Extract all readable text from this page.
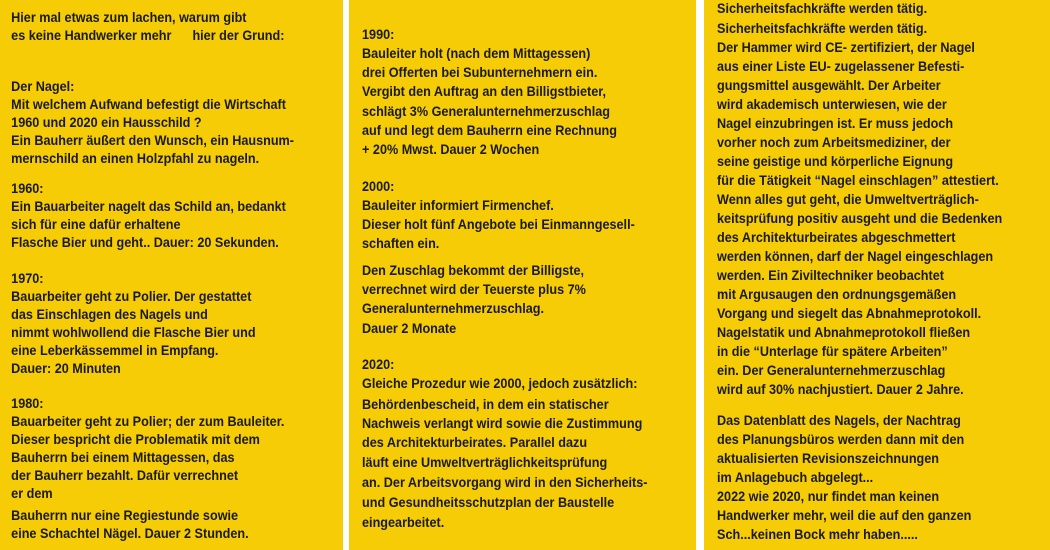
Hier mal etwas zum lachen, warum gibt
es keine Handwerker mehr      hier der Grund:
Der Nagel:
Mit welchem Aufwand befestigt die Wirtschaft
1960 und 2020 ein Hausschild ?
Ein Bauherr äußert den Wunsch, ein Hausnum-
mernschild an einen Holzpfahl zu nageln.
1960:
Ein Bauarbeiter nagelt das Schild an, bedankt
sich für eine dafür erhaltene
Flasche Bier und geht.. Dauer: 20 Sekunden.
1970:
Bauarbeiter geht zu Polier. Der gestattet
das Einschlagen des Nagels und
nimmt wohlwollend die Flasche Bier und
eine Leberkässemmel in Empfang.
Dauer: 20 Minuten
1980:
Bauarbeiter geht zu Polier; der zum Bauleiter.
Dieser bespricht die Problematik mit dem
Bauherrn bei einem Mittagessen, das
der Bauherr bezahlt. Dafür verrechnet
er dem
Bauherrn nur eine Regiestunde sowie
eine Schachtel Nägel. Dauer 2 Stunden.
1990:
Bauleiter holt (nach dem Mittagessen)
drei Offerten bei Subunternehmern ein.
Vergibt den Auftrag an den Billigstbieter,
schlägt 3% Generalunternehmerzuschlag
auf und legt dem Bauherrn eine Rechnung
+ 20% Mwst. Dauer 2 Wochen
2000:
Bauleiter informiert Firmenchef.
Dieser holt fünf Angebote bei Einmanngesell-
schaften ein.
Den Zuschlag bekommt der Billigste,
verrechnet wird der Teuerste plus 7%
Generalunternehmerzuschlag.
Dauer 2 Monate
2020:
Gleiche Prozedur wie 2000, jedoch zusätzlich:
Behördenbescheid, in dem ein statischer
Nachweis verlangt wird sowie die Zustimmung
des Architekturbeirates. Parallel dazu
läuft eine Umweltverträglichkeitsprüfung
an. Der Arbeitsvorgang wird in den Sicherheits-
und Gesundheitsschutzplan der Baustelle
eingearbeitet.
Sicherheitsfachkräfte werden tätig.
Sicherheitsfachkräfte werden tätig.
Der Hammer wird CE- zertifiziert, der Nagel
aus einer Liste EU- zugelassener Befesti-
gungsmittel ausgewählt. Der Arbeiter
wird akademisch unterwiesen, wie der
Nagel einzubringen ist. Er muss jedoch
vorher noch zum Arbeitsmediziner, der
seine geistige und körperliche Eignung
für die Tätigkeit “Nagel einschlagen” attestiert.
Wenn alles gut geht, die Umweltverträglich-
keitsprüfung positiv ausgeht und die Bedenken
des Architekturbeirates abgeschmettert
werden können, darf der Nagel eingeschlagen
werden. Ein Ziviltechniker beobachtet
mit Argusaugen den ordnungsgemäßen
Vorgang und siegelt das Abnahmeprotokoll.
Nagelstatik und Abnahmeprotokoll fließen
in die “Unterlage für spätere Arbeiten”
ein. Der Generalunternehmerzuschlag
wird auf 30% nachjustiert. Dauer 2 Jahre.
Das Datenblatt des Nagels, der Nachtrag
des Planungsbüros werden dann mit den
aktualisierten Revisionszeichnungen
im Anlagebuch abgelegt...
2022 wie 2020, nur findet man keinen
Handwerker mehr, weil die auf den ganzen
Sch...keinen Bock mehr haben.....
